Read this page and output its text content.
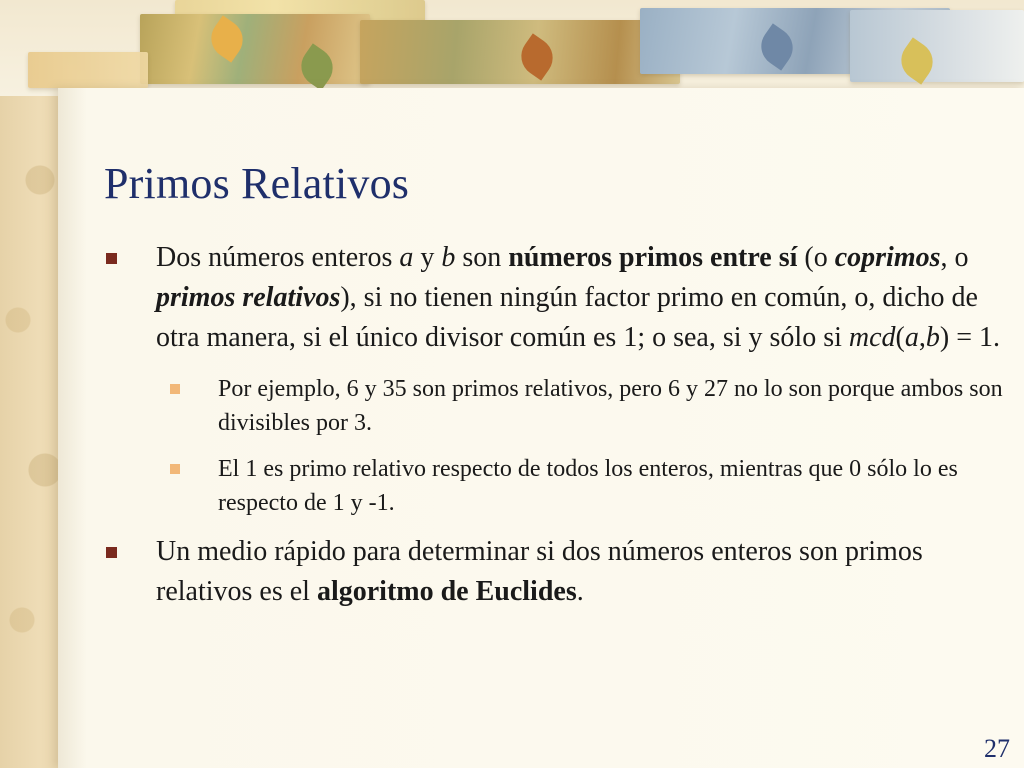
Primos Relativos
Dos números enteros a y b son números primos entre sí (o coprimos, o primos relativos), si no tienen ningún factor primo en común, o, dicho de otra manera, si el único divisor común es 1; o sea, si y sólo si mcd(a,b) = 1.
Por ejemplo, 6 y 35 son primos relativos, pero 6 y 27 no lo son porque ambos son divisibles por 3.
El 1 es primo relativo respecto de todos los enteros, mientras que 0 sólo lo es respecto de 1 y -1.
Un medio rápido para determinar si dos números enteros son primos relativos es el algoritmo de Euclides.
27
